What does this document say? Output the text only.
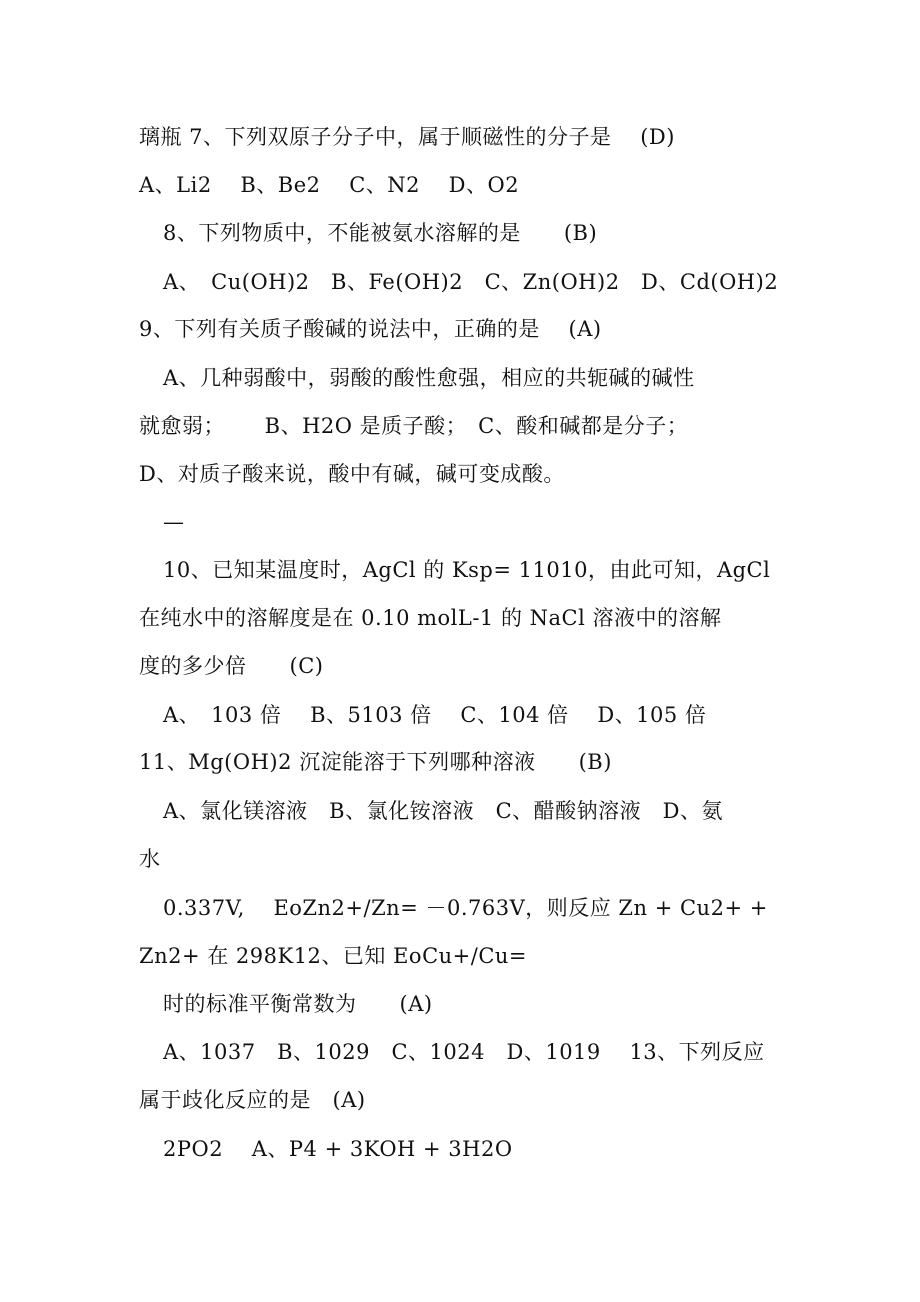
璃瓶 7、下列双原子分子中，属于顺磁性的分子是　 (D)
A、Li2　 B、Be2　 C、N2　 D、O2
8、下列物质中，不能被氨水溶解的是　　(B)
A、　Cu(OH)2　B、Fe(OH)2　C、Zn(OH)2　D、Cd(OH)2
9、下列有关质子酸碱的说法中，正确的是　 (A)
A、几种弱酸中，弱酸的酸性愈强，相应的共轭碱的碱性
就愈弱；　　 B、H2O 是质子酸；　C、酸和碱都是分子；
D、对质子酸来说，酸中有碱，碱可变成酸。
—
10、已知某温度时，AgCl 的 Ksp= 11010，由此可知，AgCl
在纯水中的溶解度是在 0.10 molL-1 的 NaCl 溶液中的溶解
度的多少倍　　(C)
A、　103 倍　 B、5103 倍　 C、104 倍　 D、105 倍
11、Mg(OH)2 沉淀能溶于下列哪种溶液　　(B)
A、氯化镁溶液　B、氯化铵溶液　C、醋酸钠溶液　D、氨
水
0.337V,　 EoZn2+/Zn= －0.763V，则反应 Zn + Cu2+ +
Zn2+ 在 298K12、已知 EoCu+/Cu=
时的标准平衡常数为　　(A)
A、1037　B、1029　C、1024　D、1019　 13、下列反应
属于歧化反应的是　(A)
2PO2　 A、P4 + 3KOH + 3H2O
